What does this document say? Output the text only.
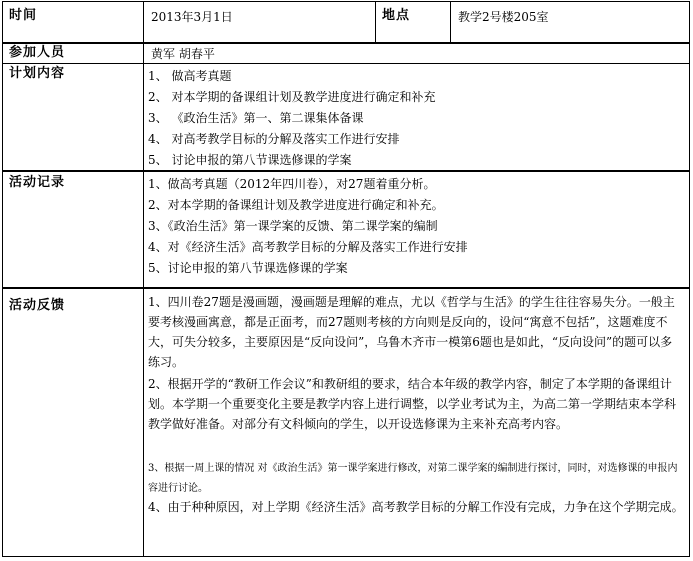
时间	2013年3月1日	地点	教学2号楼205室
参加人员	黄军 胡春平
计划内容	1、 做高考真题
2、 对本学期的备课组计划及教学进度进行确定和补充
3、 《政治生活》第一、第二课集体备课
4、 对高考教学目标的分解及落实工作进行安排
5、 讨论申报的第八节课选修课的学案
活动记录	1、做高考真题（2012年四川卷），对27题着重分析。
2、对本学期的备课组计划及教学进度进行确定和补充。
3、《政治生活》第一课学案的反馈、第二课学案的编制
4、对《经济生活》高考教学目标的分解及落实工作进行安排
5、讨论申报的第八节课选修课的学案
活动反馈	1、四川卷27题是漫画题，漫画题是理解的难点，尤以《哲学与生活》的学生往往容易失分。一般主要考核漫画寓意，都是正面考，而27题则考核的方向则是反向的，设问“寓意不包括”，这题难度不大，可失分较多，主要原因是“反向设问”，乌鲁木齐市一模第6题也是如此，“反向设问”的题可以多练习。
2、根据开学的“教研工作会议”和教研组的要求，结合本年级的教学内容，制定了本学期的备课组计划。本学期一个重要变化主要是教学内容上进行调整，以学业考试为主，为高二第一学期结束本学科教学做好准备。对部分有文科倾向的学生，以开设选修课为主来补充高考内容。
3、根据一周上课的情况 对《政治生活》第一课学案进行修改，对第二课学案的编制进行探讨，同时，对选修课的申报内容进行讨论。
4、由于种种原因，对上学期《经济生活》高考教学目标的分解工作没有完成，力争在这个学期完成。
